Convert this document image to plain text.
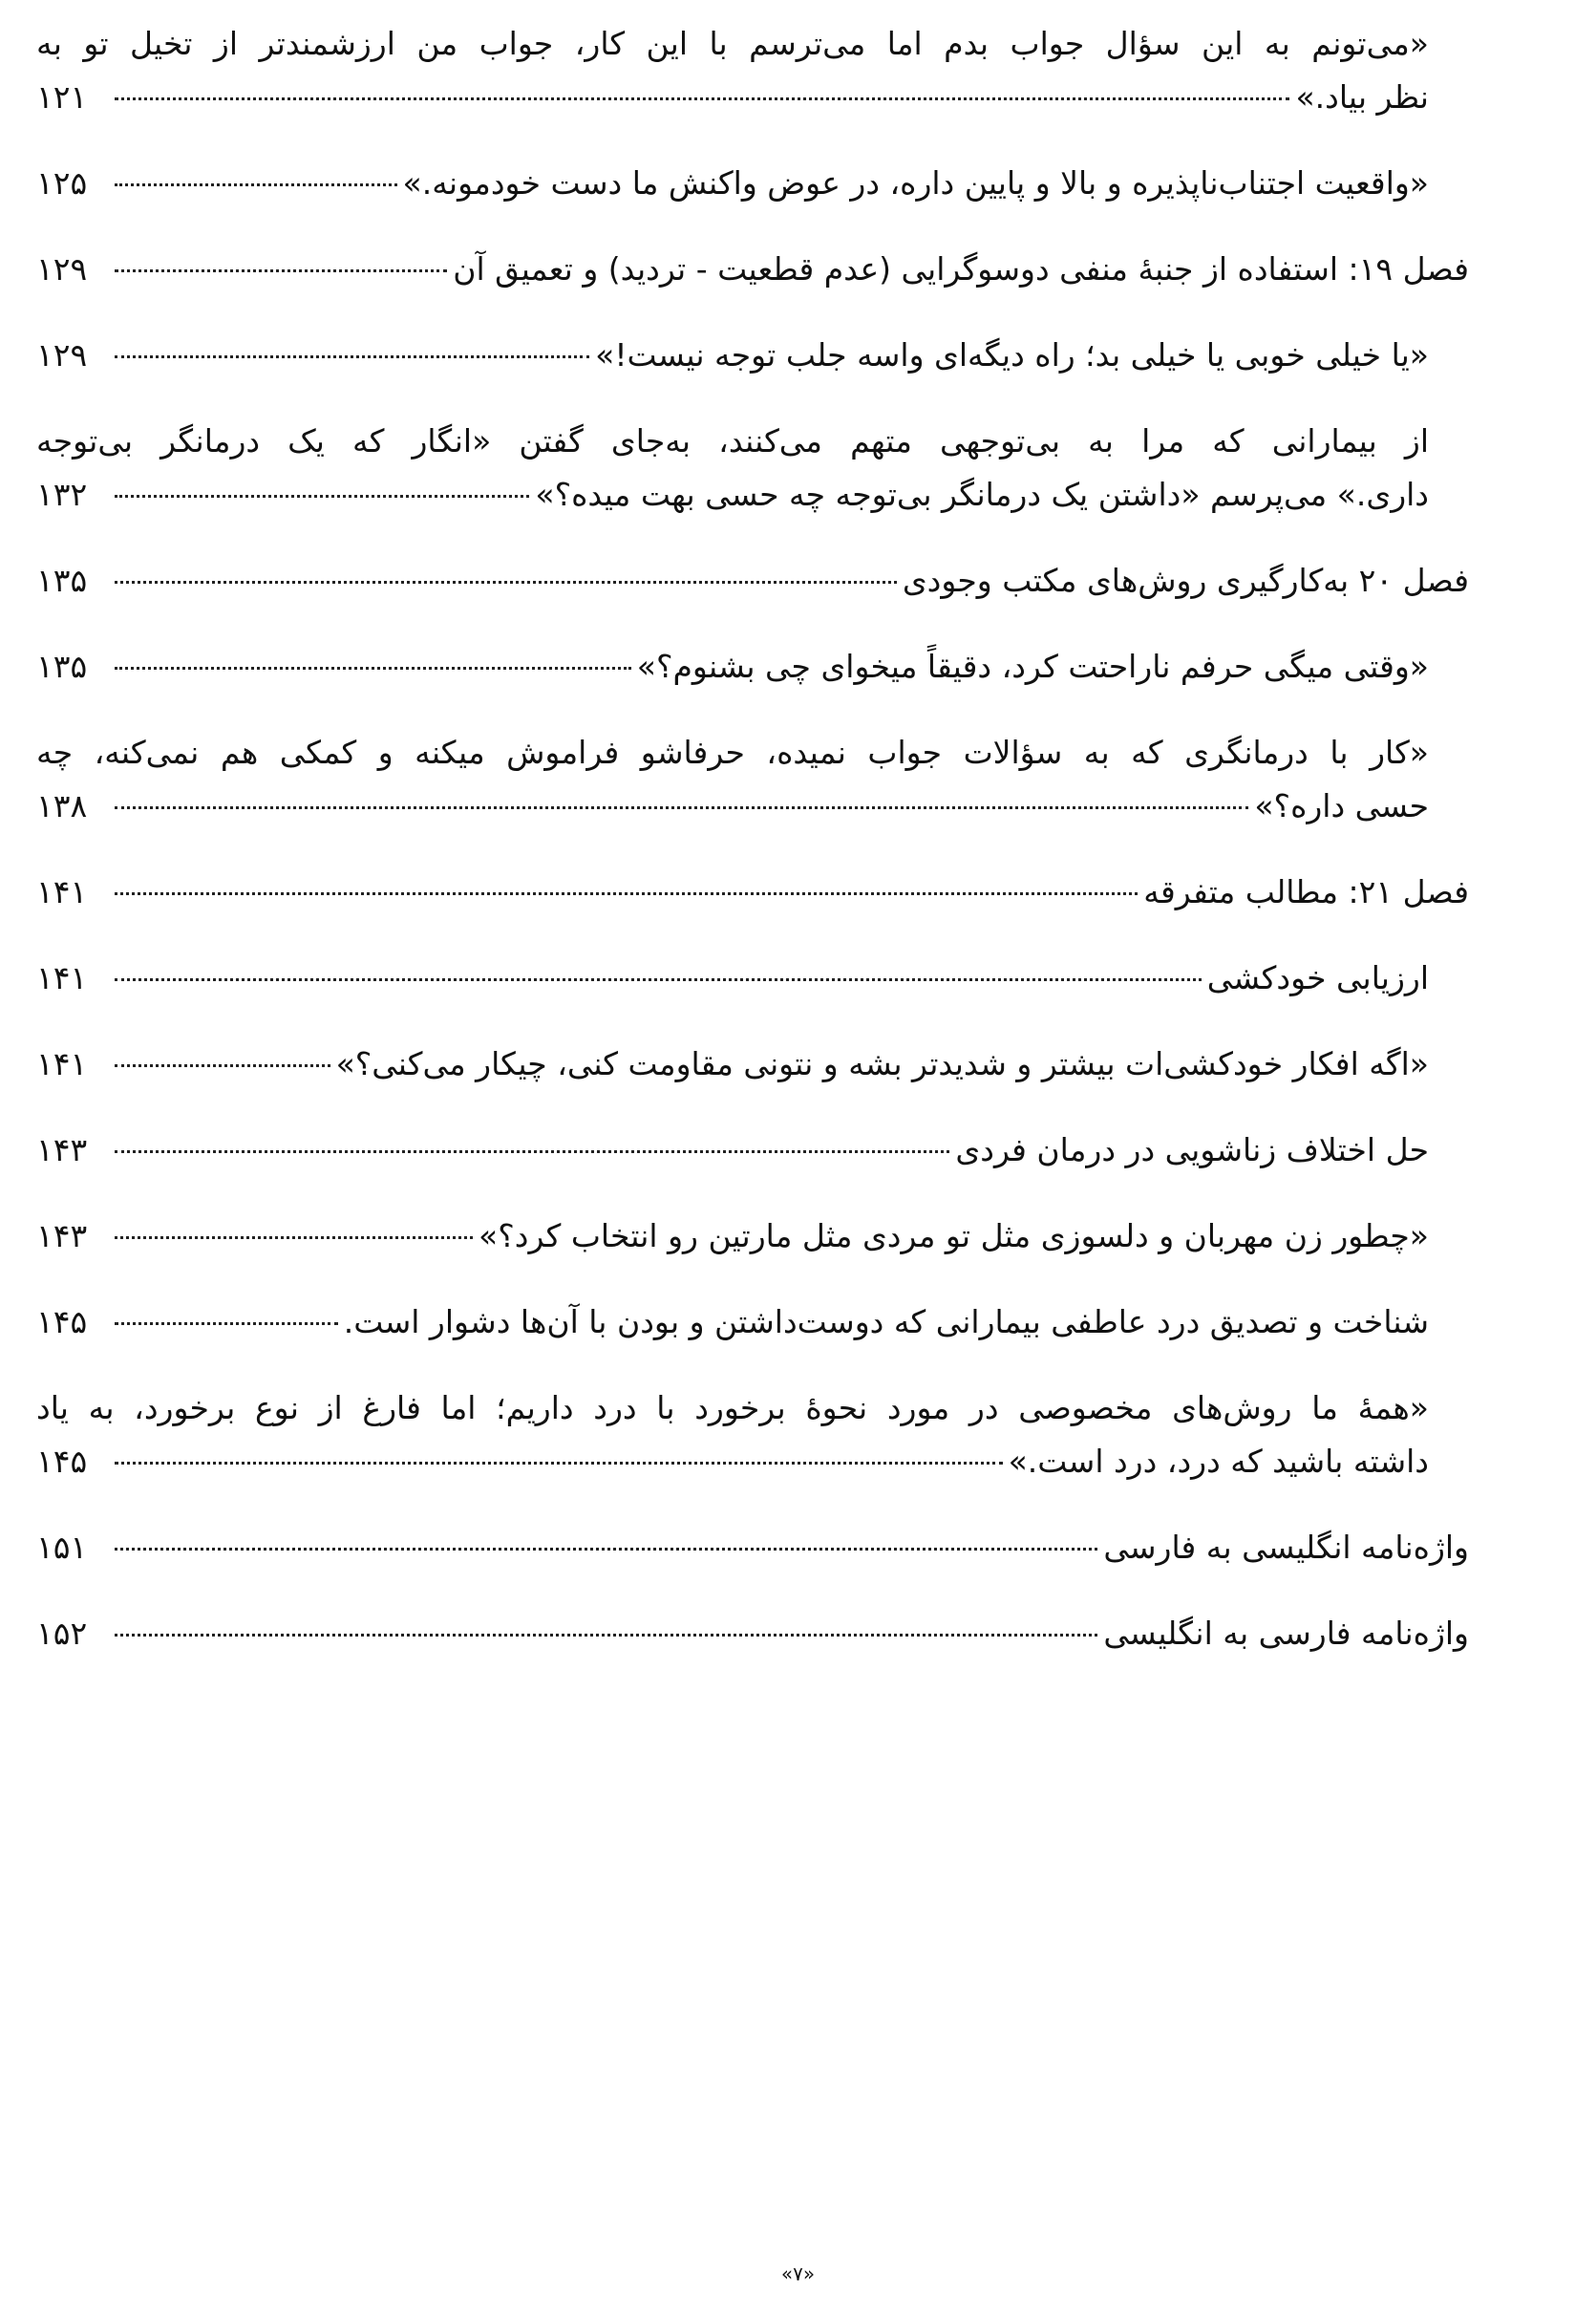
«می‌تونم به این سؤال جواب بدم اما می‌ترسم با این کار، جواب من ارزشمندتر از تخیل تو به
نظر بیاد.»
۱۲۱
«واقعیت اجتناب‌ناپذیره و بالا و پایین داره، در عوض واکنش ما دست خودمونه.»
۱۲۵
فصل ۱۹: استفاده از جنبهٔ منفی دوسوگرایی (عدم قطعیت - تردید) و تعمیق آن
۱۲۹
«یا خیلی خوبی یا خیلی بد؛ راه دیگه‌ای واسه جلب توجه نیست!»
۱۲۹
از بیمارانی که مرا به بی‌توجهی متهم می‌کنند، به‌جای گفتن «انگار که یک درمانگر بی‌توجه
داری.» می‌پرسم «داشتن یک درمانگر بی‌توجه چه حسی بهت میده؟»
۱۳۲
فصل ۲۰ به‌کارگیری روش‌های مکتب وجودی
۱۳۵
«وقتی میگی حرفم ناراحتت کرد، دقیقاً میخوای چی بشنوم؟»
۱۳۵
«کار با درمانگری که به سؤالات جواب نمیده، حرفاشو فراموش میکنه و کمکی هم نمی‌کنه، چه
حسی داره؟»
۱۳۸
فصل ۲۱: مطالب متفرقه
۱۴۱
ارزیابی خودکشی
۱۴۱
«اگه افکار خودکشی‌ات بیشتر و شدیدتر بشه و نتونی مقاومت کنی، چیکار می‌کنی؟»
۱۴۱
حل اختلاف زناشویی در درمان فردی
۱۴۳
«چطور زن مهربان و دلسوزی مثل تو مردی مثل مارتین رو انتخاب کرد؟»
۱۴۳
شناخت و تصدیق درد عاطفی بیمارانی که دوست‌داشتن و بودن با آن‌ها دشوار است.
۱۴۵
«همهٔ ما روش‌های مخصوصی در مورد نحوهٔ برخورد با درد داریم؛ اما فارغ از نوع برخورد، به یاد
داشته باشید که درد، درد است.»
۱۴۵
واژه‌نامه انگلیسی به فارسی
۱۵۱
واژه‌نامه فارسی به انگلیسی
۱۵۲
«۷»
